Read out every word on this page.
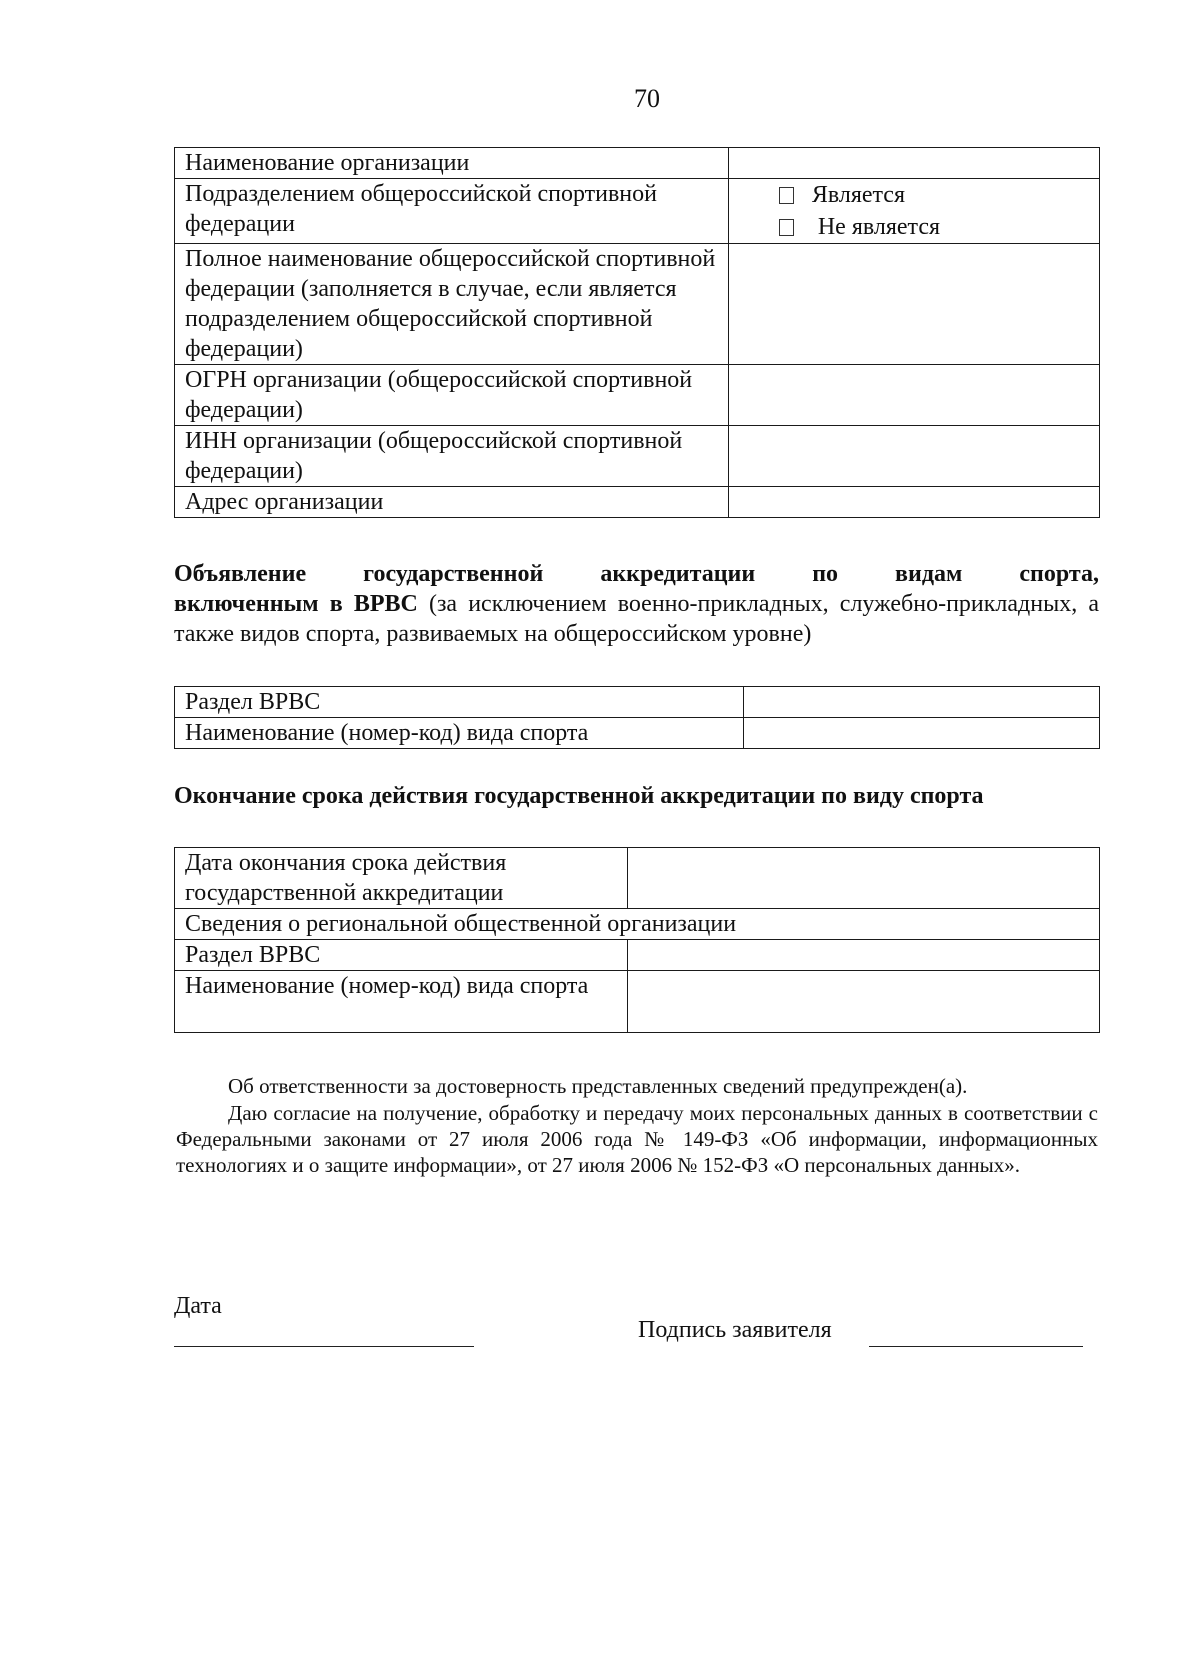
70
Наименование организации	
Подразделением общероссийской спортивной федерации	Является
Не является

Полное наименование общероссийской спортивной федерации (заполняется в случае, если является подразделением общероссийской спортивной федерации)	
ОГРН организации (общероссийской спортивной федерации)	
ИНН организации (общероссийской спортивной федерации)	
Адрес организации	
Объявление государственной аккредитации по видам спорта,
включенным в ВРВС (за исключением военно-прикладных, служебно-прикладных, а также видов спорта, развиваемых на общероссийском уровне)
Раздел ВРВС	
Наименование (номер-код) вида спорта	
Окончание срока действия государственной аккредитации по виду спорта
Дата окончания срока действия государственной аккредитации	
Сведения о региональной общественной организации	
Раздел ВРВС	
Наименование (номер-код) вида спорта	
Об ответственности за достоверность представленных сведений предупрежден(а).
Даю согласие на получение, обработку и передачу моих персональных данных в соответствии с Федеральными законами от 27 июля 2006 года № 149-ФЗ «Об информации, информационных технологиях и о защите информации», от 27 июля 2006 № 152-ФЗ «О персональных данных».
Дата
Подпись заявителя
